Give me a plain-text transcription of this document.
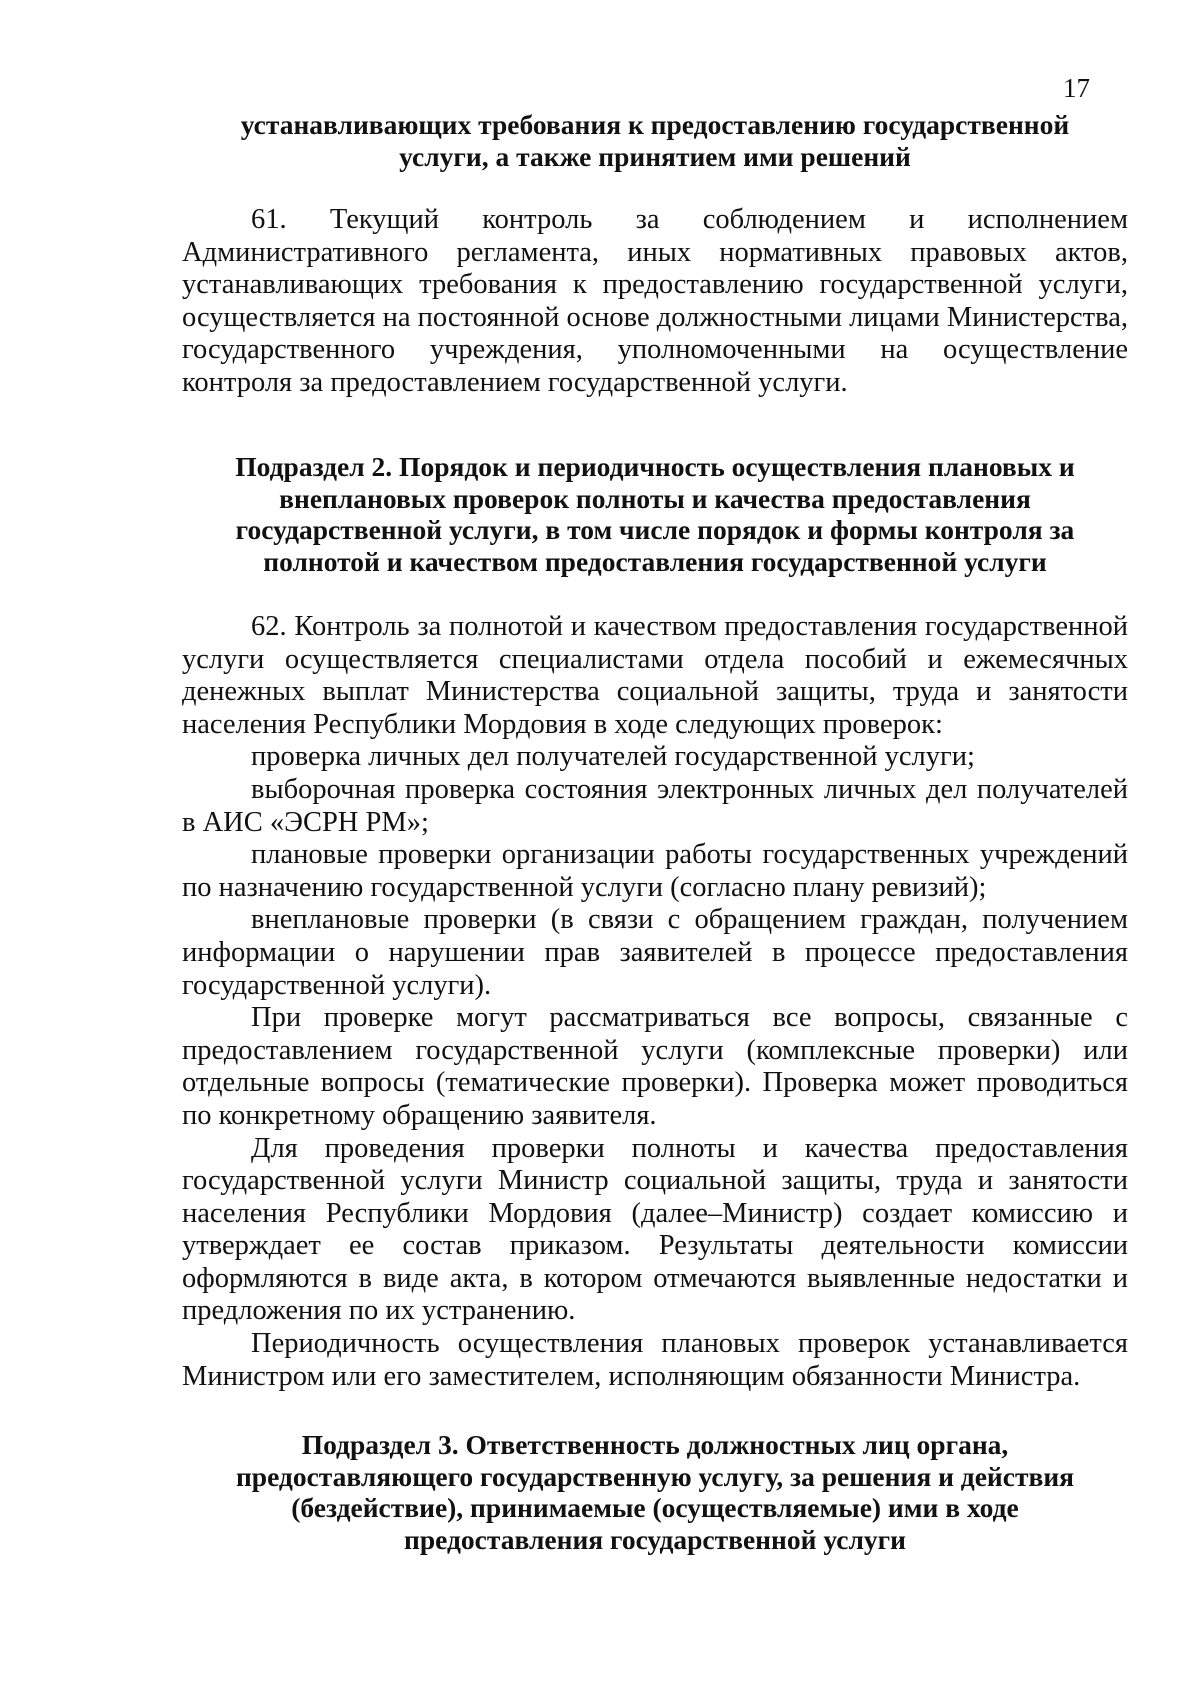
17
устанавливающих требования к предоставлению государственной
услуги, а также принятием ими решений

61. Текущий контроль за соблюдением и исполнением Административного регламента, иных нормативных правовых актов, устанавливающих требования к предоставлению государственной услуги, осуществляется на постоянной основе должностными лицами Министерства, государственного учреждения, уполномоченными на осуществление контроля за предоставлением государственной услуги.

Подраздел 2. Порядок и периодичность осуществления плановых и
внеплановых проверок полноты и качества предоставления
государственной услуги, в том числе порядок и формы контроля за
полнотой и качеством предоставления государственной услуги

62. Контроль за полнотой и качеством предоставления государственной услуги осуществляется специалистами отдела пособий и ежемесячных денежных выплат Министерства социальной защиты, труда и занятости населения Республики Мордовия в ходе следующих проверок:

проверка личных дел получателей государственной услуги;

выборочная проверка состояния электронных личных дел получателей в АИС «ЭСРН РМ»;

плановые проверки организации работы государственных учреждений по назначению государственной услуги (согласно плану ревизий);

внеплановые проверки (в связи с обращением граждан, получением информации о нарушении прав заявителей в процессе предоставления государственной услуги).

При проверке могут рассматриваться все вопросы, связанные с предоставлением государственной услуги (комплексные проверки) или отдельные вопросы (тематические проверки). Проверка может проводиться по конкретному обращению заявителя.

Для проведения проверки полноты и качества предоставления государственной услуги Министр социальной защиты, труда и занятости населения Республики Мордовия (далее–Министр) создает комиссию и утверждает ее состав приказом. Результаты деятельности комиссии оформляются в виде акта, в котором отмечаются выявленные недостатки и предложения по их устранению.

Периодичность осуществления плановых проверок устанавливается Министром или его заместителем, исполняющим обязанности Министра.

Подраздел 3. Ответственность должностных лиц органа,
предоставляющего государственную услугу, за решения и действия
(бездействие), принимаемые (осуществляемые) ими в ходе
предоставления государственной услуги
